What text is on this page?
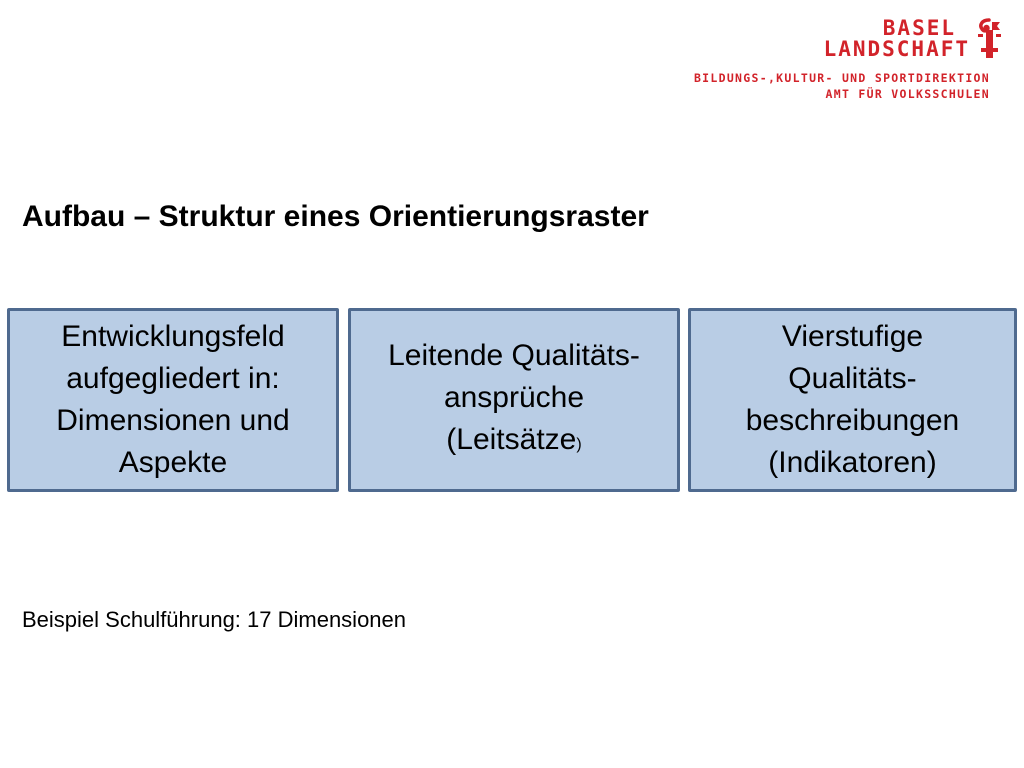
BASEL
LANDSCHAFT
BILDUNGS-,KULTUR- UND SPORTDIREKTION
AMT FÜR VOLKSSCHULEN
Aufbau – Struktur eines Orientierungsraster
Entwicklungsfeld
aufgegliedert in:
Dimensionen und
Aspekte
Leitende Qualitäts-
ansprüche
(Leitsätze)
Vierstufige
Qualitäts-
beschreibungen
(Indikatoren)
Beispiel Schulführung: 17 Dimensionen
